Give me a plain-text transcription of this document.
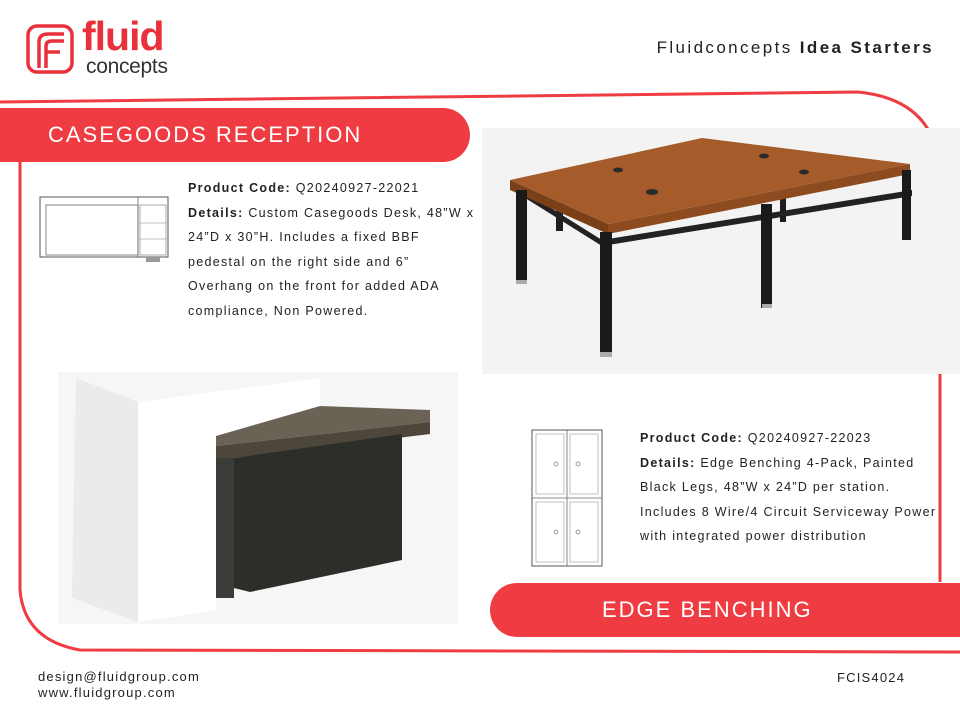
fluid
concepts
Fluidconcepts Idea Starters
CASEGOODS RECEPTION
Product Code: Q20240927-22021
Details: Custom Casegoods Desk, 48”W x 24”D x 30”H. Includes a fixed BBF pedestal on the right side and 6” Overhang on the front for added ADA compliance, Non Powered.
Product Code: Q20240927-22023
Details: Edge Benching 4-Pack, Painted Black Legs, 48”W x 24”D per station. Includes 8 Wire/4 Circuit Serviceway Power with integrated power distribution
EDGE BENCHING
design@fluidgroup.com
www.fluidgroup.com
FCIS4024
